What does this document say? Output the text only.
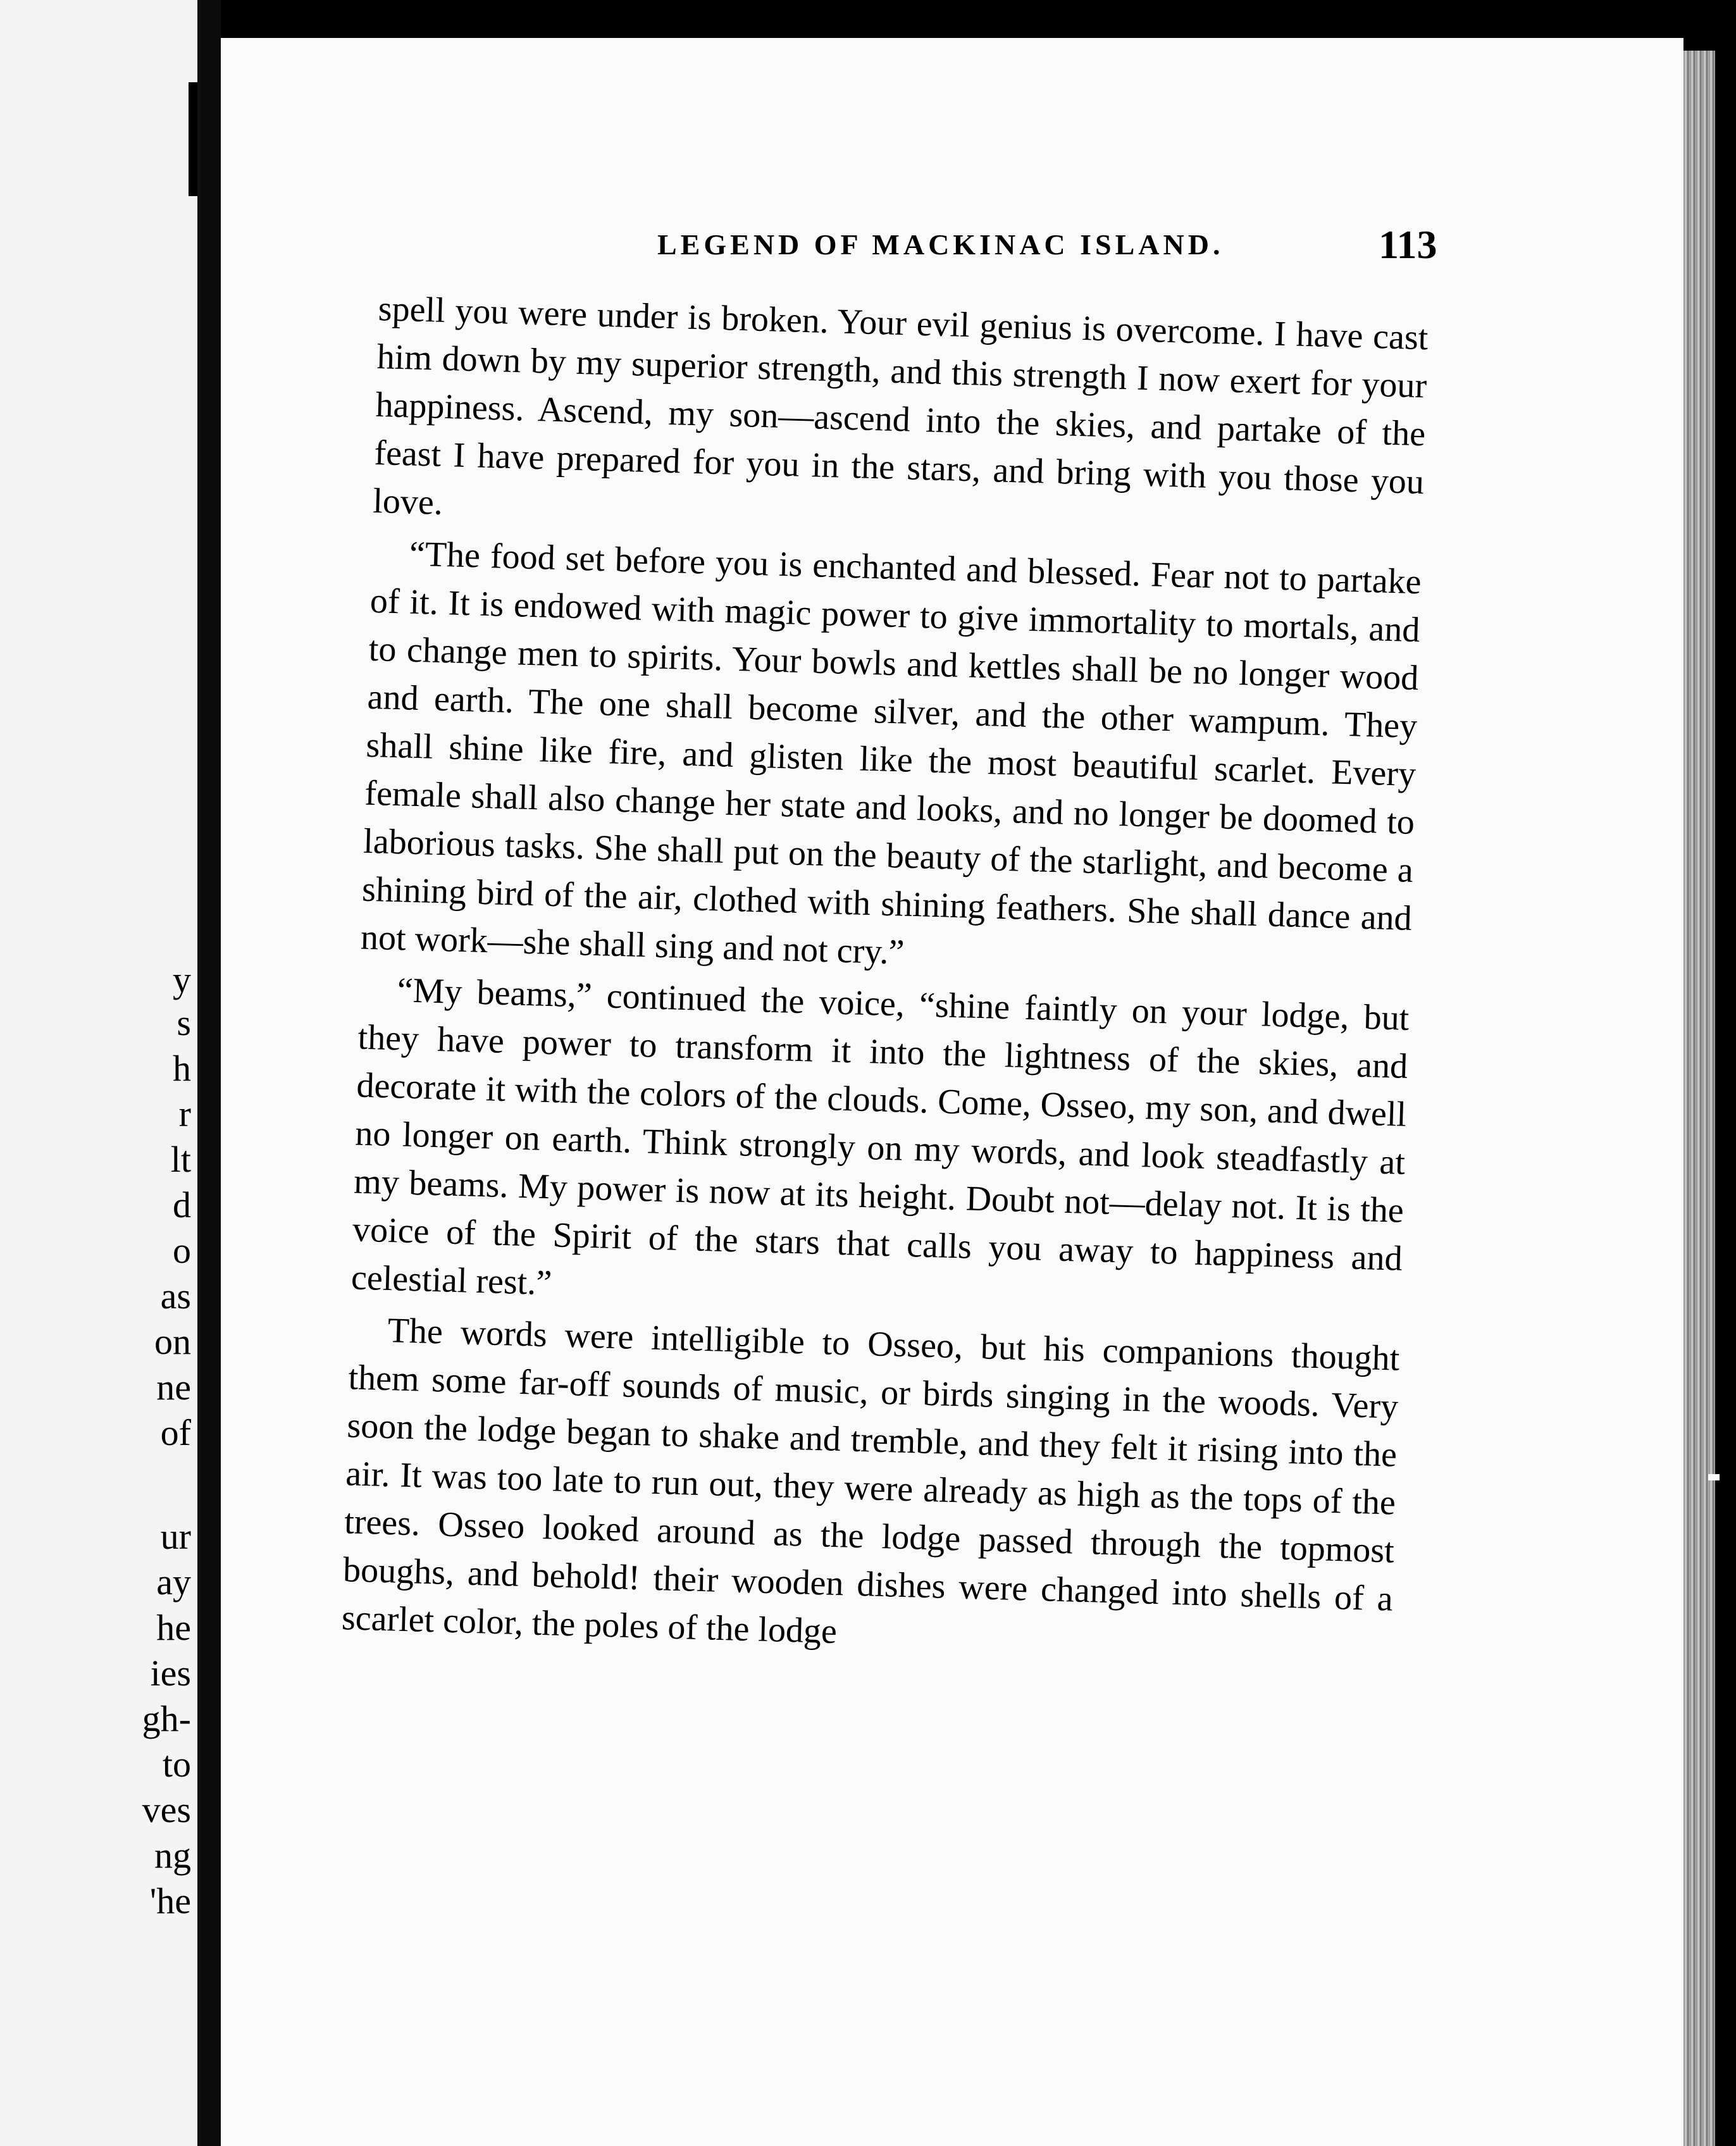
y
s
h
r
lt
d
o
as
on
ne
of
ur
ay
he
ies
gh-
to
ves
ng
'he
LEGEND OF MACKINAC ISLAND.	113

spell you were under is broken. Your evil genius is overcome. I have cast him down by my superior strength, and this strength I now exert for your happiness. Ascend, my son—ascend into the skies, and partake of the feast I have prepared for you in the stars, and bring with you those you love.

“The food set before you is enchanted and blessed. Fear not to partake of it. It is endowed with magic power to give immortality to mortals, and to change men to spirits. Your bowls and kettles shall be no longer wood and earth. The one shall become silver, and the other wampum. They shall shine like fire, and glisten like the most beautiful scarlet. Every female shall also change her state and looks, and no longer be doomed to laborious tasks. She shall put on the beauty of the starlight, and become a shining bird of the air, clothed with shining feathers. She shall dance and not work—she shall sing and not cry.”

“My beams,” continued the voice, “shine faintly on your lodge, but they have power to transform it into the lightness of the skies, and decorate it with the colors of the clouds. Come, Osseo, my son, and dwell no longer on earth. Think strongly on my words, and look steadfastly at my beams. My power is now at its height. Doubt not—delay not. It is the voice of the Spirit of the stars that calls you away to happiness and celestial rest.”

The words were intelligible to Osseo, but his companions thought them some far-off sounds of music, or birds singing in the woods. Very soon the lodge began to shake and tremble, and they felt it rising into the air. It was too late to run out, they were already as high as the tops of the trees. Osseo looked around as the lodge passed through the topmost boughs, and behold! their wooden dishes were changed into shells of a scarlet color, the poles of the lodge
